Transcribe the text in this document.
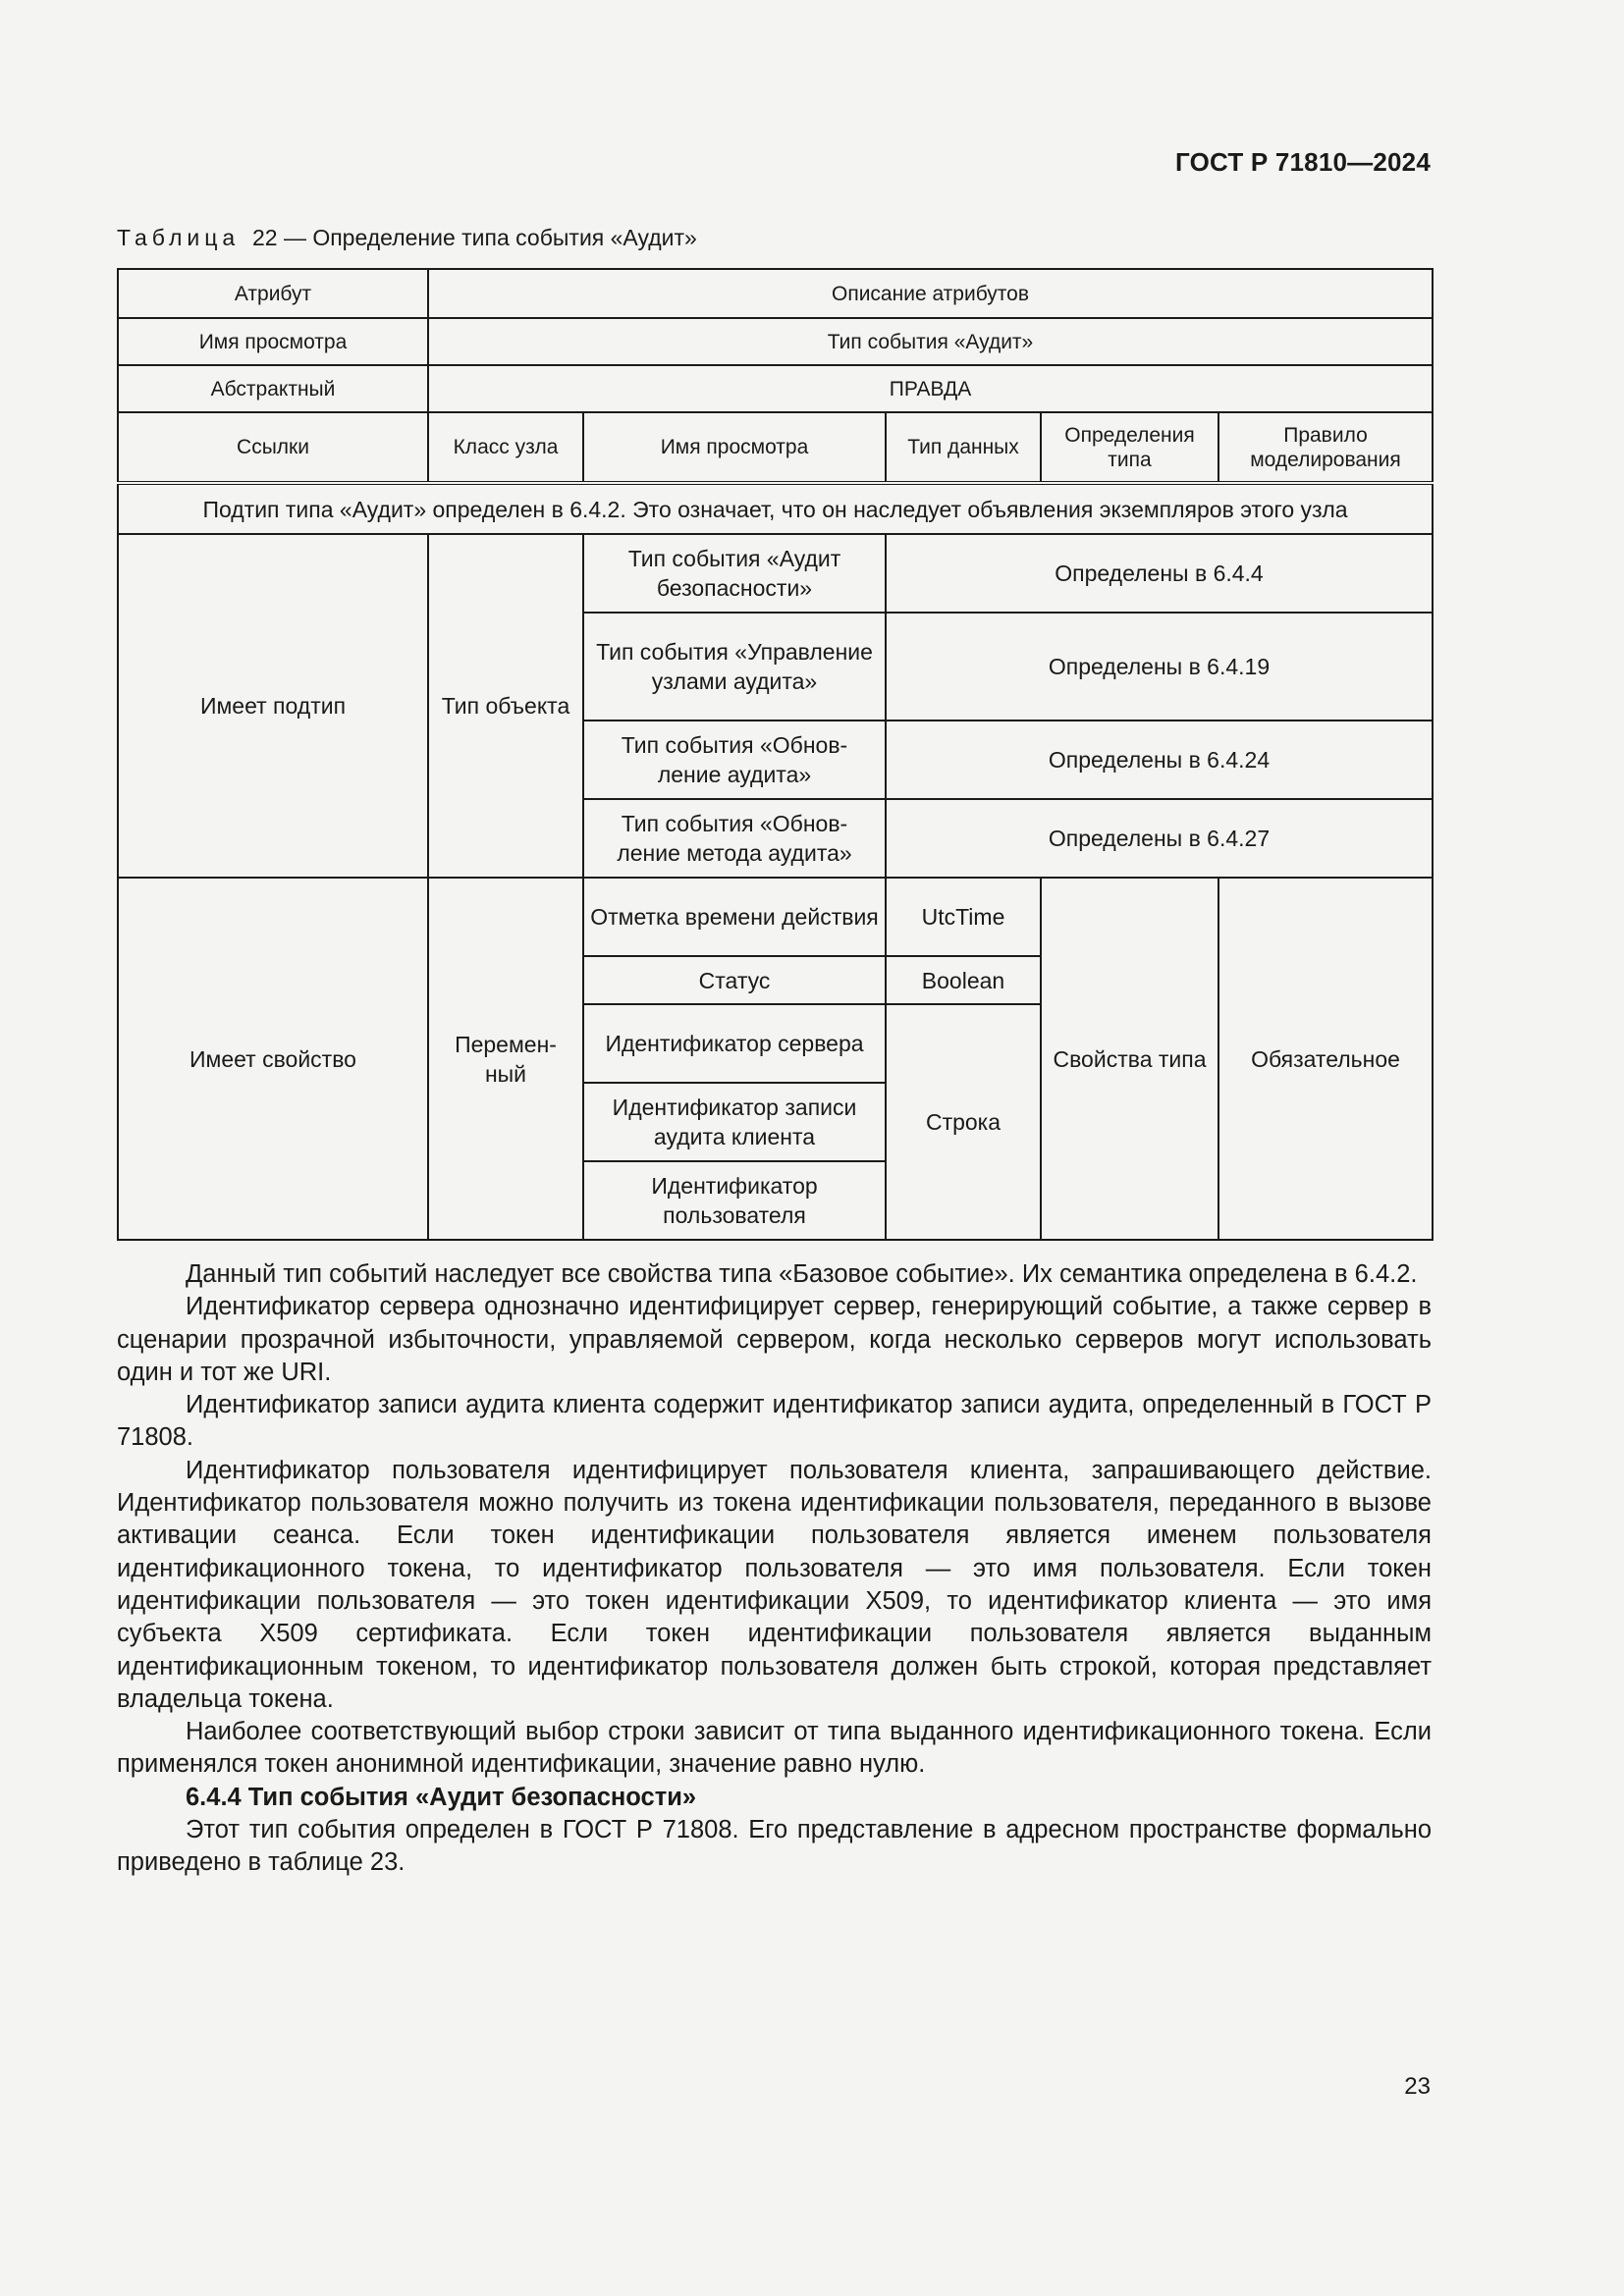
ГОСТ Р 71810—2024
Таблица 22 — Определение типа события «Аудит»
Атрибут	Описание атрибутов				
Имя просмотра	Тип события «Аудит»				
Абстрактный	ПРАВДА				
Ссылки	Класс узла	Имя просмотра	Тип данных	Определения типа	Правило моделирования
Подтип типа «Аудит» определен в 6.4.2. Это означает, что он наследует объявления экземпляров этого узла					
Имеет подтип	Тип объекта	Тип события «Аудит безопасности»	Определены в 6.4.4		
		Тип события «Управление узлами аудита»	Определены в 6.4.19		
		Тип события «Обнов-ление аудита»	Определены в 6.4.24		
		Тип события «Обнов-ление метода аудита»	Определены в 6.4.27		
Имеет свойство	Перемен-ный	Отметка времени действия	UtcTime	Свойства типа	Обязательное
		Статус	Boolean		
		Идентификатор сервера	Строка		
		Идентификатор записи аудита клиента			
		Идентификатор пользователя			

Данный тип событий наследует все свойства типа «Базовое событие». Их семантика определена в 6.4.2.

Идентификатор сервера однозначно идентифицирует сервер, генерирующий событие, а также сервер в сценарии прозрачной избыточности, управляемой сервером, когда несколько серверов могут использовать один и тот же URI.

Идентификатор записи аудита клиента содержит идентификатор записи аудита, определенный в ГОСТ Р 71808.

Идентификатор пользователя идентифицирует пользователя клиента, запрашивающего действие. Идентификатор пользователя можно получить из токена идентификации пользователя, переданного в вызове активации сеанса. Если токен идентификации пользователя является именем пользователя идентификационного токена, то идентификатор пользователя — это имя пользователя. Если токен идентификации пользователя — это токен идентификации X509, то идентификатор клиента — это имя субъекта X509 сертификата. Если токен идентификации пользователя является выданным идентификационным токеном, то идентификатор пользователя должен быть строкой, которая представляет владельца токена.

Наиболее соответствующий выбор строки зависит от типа выданного идентификационного токена. Если применялся токен анонимной идентификации, значение равно нулю.

6.4.4 Тип события «Аудит безопасности»

Этот тип события определен в ГОСТ Р 71808. Его представление в адресном пространстве формально приведено в таблице 23.

23
